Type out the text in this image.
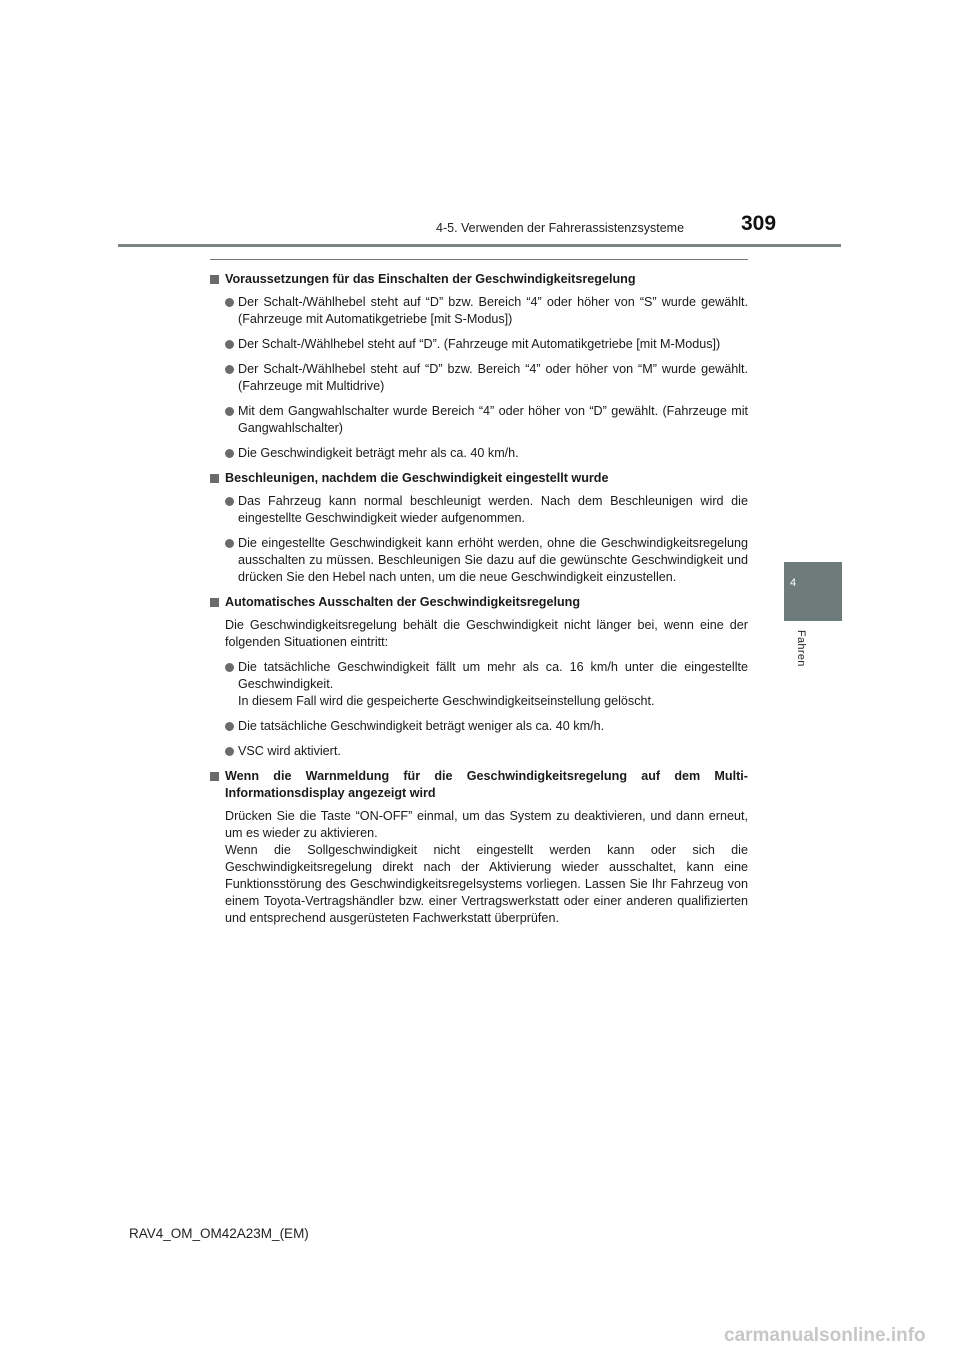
4-5. Verwenden der Fahrerassistenzsysteme	309
4
Fahren
Voraussetzungen für das Einschalten der Geschwindigkeitsregelung
Der Schalt-/Wählhebel steht auf “D” bzw. Bereich “4” oder höher von “S” wurde gewählt. (Fahrzeuge mit Automatikgetriebe [mit S-Modus])
Der Schalt-/Wählhebel steht auf “D”. (Fahrzeuge mit Automatikgetriebe [mit M-Modus])
Der Schalt-/Wählhebel steht auf “D” bzw. Bereich “4” oder höher von “M” wurde gewählt. (Fahrzeuge mit Multidrive)
Mit dem Gangwahlschalter wurde Bereich “4” oder höher von “D” gewählt. (Fahrzeuge mit Gangwahlschalter)
Die Geschwindigkeit beträgt mehr als ca. 40 km/h.
Beschleunigen, nachdem die Geschwindigkeit eingestellt wurde
Das Fahrzeug kann normal beschleunigt werden. Nach dem Beschleunigen wird die eingestellte Geschwindigkeit wieder aufgenommen.
Die eingestellte Geschwindigkeit kann erhöht werden, ohne die Geschwindigkeitsregelung ausschalten zu müssen. Beschleunigen Sie dazu auf die gewünschte Geschwindigkeit und drücken Sie den Hebel nach unten, um die neue Geschwindigkeit einzustellen.
Automatisches Ausschalten der Geschwindigkeitsregelung
Die Geschwindigkeitsregelung behält die Geschwindigkeit nicht länger bei, wenn eine der folgenden Situationen eintritt:
Die tatsächliche Geschwindigkeit fällt um mehr als ca. 16 km/h unter die eingestellte Geschwindigkeit.
In diesem Fall wird die gespeicherte Geschwindigkeitseinstellung gelöscht.
Die tatsächliche Geschwindigkeit beträgt weniger als ca. 40 km/h.
VSC wird aktiviert.
Wenn die Warnmeldung für die Geschwindigkeitsregelung auf dem Multi-Informationsdisplay angezeigt wird
Drücken Sie die Taste “ON-OFF” einmal, um das System zu deaktivieren, und dann erneut, um es wieder zu aktivieren.
Wenn die Sollgeschwindigkeit nicht eingestellt werden kann oder sich die Geschwindigkeitsregelung direkt nach der Aktivierung wieder ausschaltet, kann eine Funktionsstörung des Geschwindigkeitsregelsystems vorliegen. Lassen Sie Ihr Fahrzeug von einem Toyota-Vertragshändler bzw. einer Vertragswerkstatt oder einer anderen qualifizierten und entsprechend ausgerüsteten Fachwerkstatt überprüfen.
RAV4_OM_OM42A23M_(EM)
carmanualsonline.info
